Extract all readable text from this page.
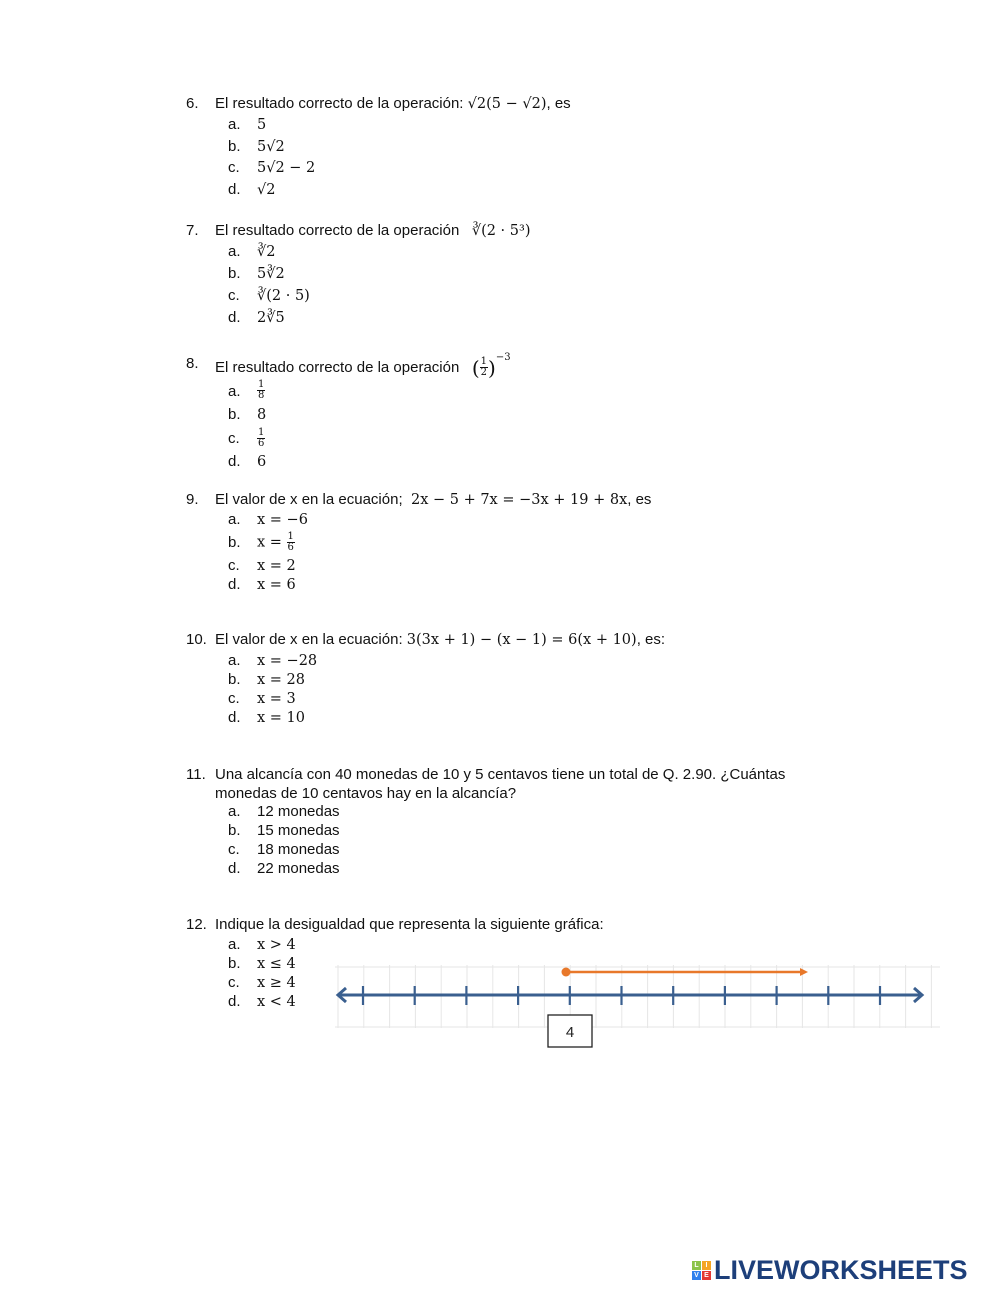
6. El resultado correcto de la operación: √2(5 − √2), es
a. 5
b. 5√2
c. 5√2 − 2
d. √2
7. El resultado correcto de la operación ∛(2 · 5³)
a. ∛2
b. 5∛2
c. ∛(2 · 5)
d. 2∛5
8. El resultado correcto de la operación ( $\frac{1}{2} )^{-3}$
a. $\frac{1}{8}$
b. 8
c. $\frac{1}{6}$
d. 6
9. El valor de x en la ecuación; 2x − 5 + 7x = −3x + 19 + 8x, es
a. x = −6
b. $x = \frac{1}{6}$
c. x = 2
d. x = 6
10. El valor de x en la ecuación: 3(3x + 1) − (x − 1) = 6(x + 10), es:
a. x = −28
b. x = 28
c. x = 3
d. x = 10
11. Una alcancía con 40 monedas de 10 y 5 centavos tiene un total de Q. 2.90. ¿Cuántas
monedas de 10 centavos hay en la alcancía?
a. 12 monedas
b. 15 monedas
c. 18 monedas
d. 22 monedas
12. Indique la desigualdad que representa la siguiente gráfica:
a. x > 4
b. x ≤ 4
c. x ≥ 4
d. x < 4
4
L I
V E LIVEWORKSHEETS
